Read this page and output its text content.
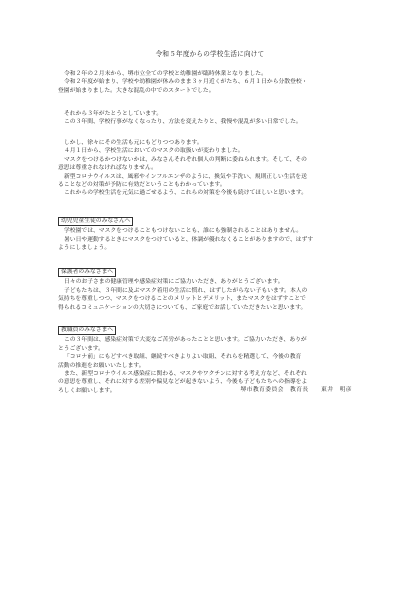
令和５年度からの学校生活に向けて
令和２年の２月末から、堺市立全ての学校と幼稚園が臨時休業となりました。
令和２年度が始まり、学校や幼稚園が休みのまま３ヶ月近くがたち、６月１日から分散登校・
登園が始まりました。大きな混乱の中でのスタートでした。
それから３年がたとうとしています。
この３年間、学校行事がなくなったり、方法を変えたりと、我慢や混乱が多い日常でした。
しかし、徐々にその生活も元にもどりつつあります。
４月１日から、学校生活においてのマスクの取扱いが変わりました。
マスクをつけるかつけないかは、みなさんそれぞれ個人の判断に委ねられます。そして、その
意思は尊重されなければなりません。
新型コロナウイルスは、風邪やインフルエンザのように、換気や手洗い、規則正しい生活を送
ることなどの対策が予防に有効だということもわかっています。
これからの学校生活を元気に過ごせるよう、これらの対策を今後も続けてほしいと思います。
幼児児童生徒のみなさんへ
学校園では、マスクをつけることもつけないことも、誰にも強制されることはありません。
暑い日や運動するときにマスクをつけていると、体調が優れなくることがありますので、はずす
ようにしましょう。
保護者のみなさまへ
日々のお子さまの健康管理や感染症対策にご協力いただき、ありがとうございます。
子どもたちは、３年間に及ぶマスク着用の生活に慣れ、はずしたがらない子もいます。本人の
気持ちを尊重しつつ、マスクをつけることのメリットとデメリット、またマスクをはずすことで
得られるコミュニケーションの大切さについても、ご家庭でお話していただきたいと思います。
教職員のみなさまへ
この３年間は、感染症対策で大変なご苦労があったことと思います。ご協力いただき、ありが
とうございます。
「コロナ前」にもどすべき取組、継続すべきよりよい取組、それらを精選して、今後の教育
活動の推進をお願いいたします。
また、新型コロナウイルス感染症に関わる、マスクやワクチンに対する考え方など、それぞれ
の意思を尊重し、それに対する差別や偏見などが起きないよう、今後も子どもたちへの指導をよ
ろしくお願いします。	堺市教育委員会　教育長　　東井　明彦
